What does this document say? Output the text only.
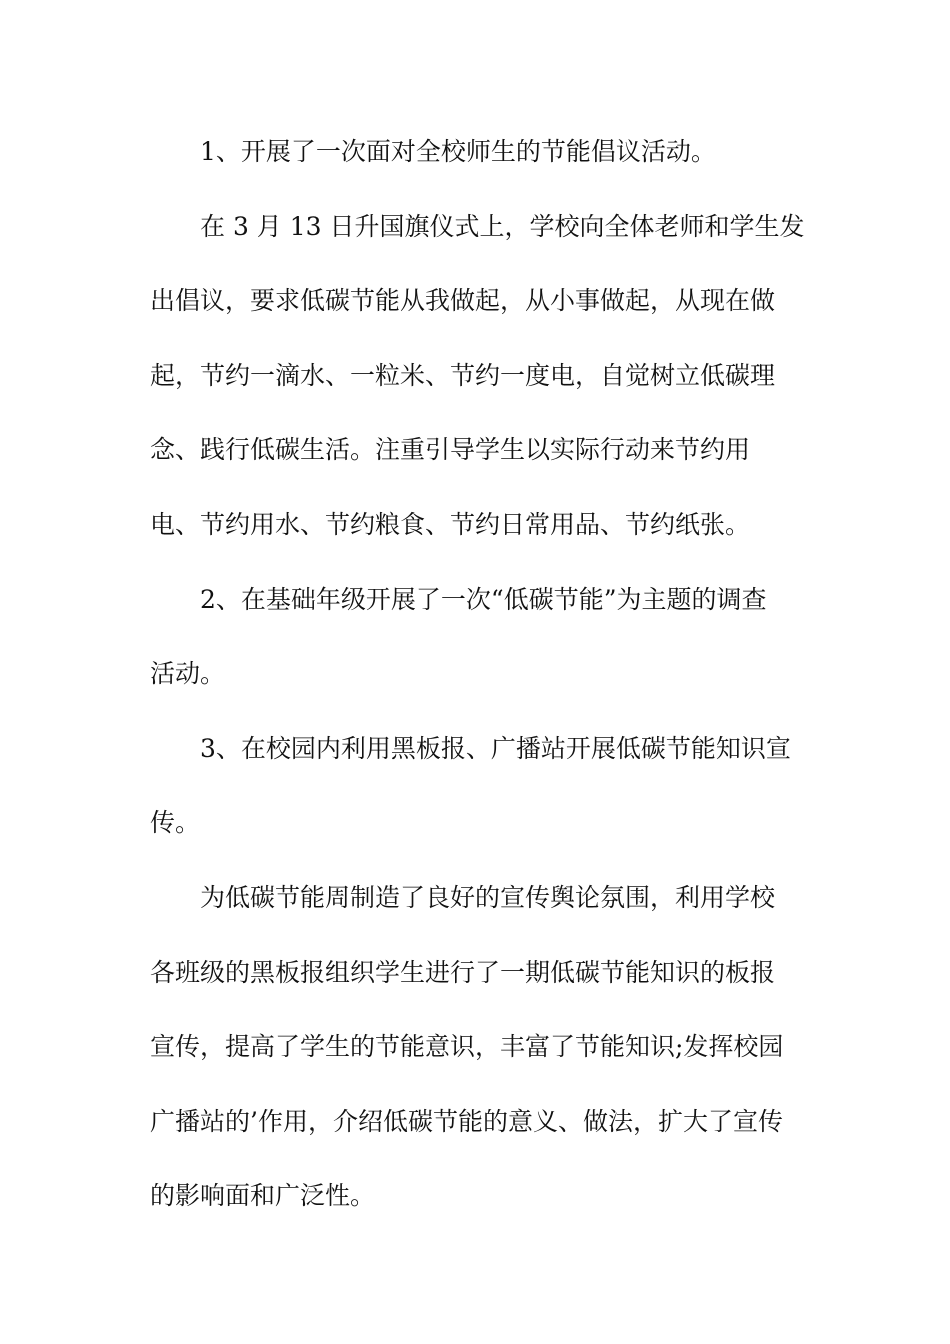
1、开展了一次面对全校师生的节能倡议活动。

在 3 月 13 日升国旗仪式上，学校向全体老师和学生发
出倡议，要求低碳节能从我做起，从小事做起，从现在做
起，节约一滴水、一粒米、节约一度电，自觉树立低碳理
念、践行低碳生活。注重引导学生以实际行动来节约用
电、节约用水、节约粮食、节约日常用品、节约纸张。

2、在基础年级开展了一次“低碳节能”为主题的调查
活动。

3、在校园内利用黑板报、广播站开展低碳节能知识宣
传。

为低碳节能周制造了良好的宣传舆论氛围，利用学校
各班级的黑板报组织学生进行了一期低碳节能知识的板报
宣传，提高了学生的节能意识，丰富了节能知识;发挥校园
广播站的’作用，介绍低碳节能的意义、做法，扩大了宣传
的影响面和广泛性。
